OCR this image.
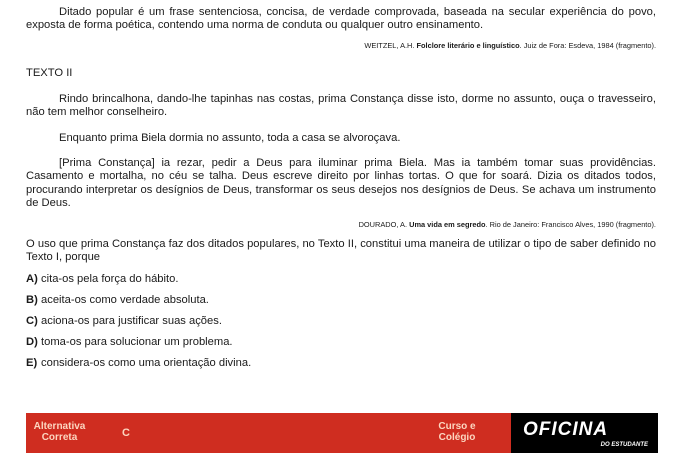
Ditado popular é um frase sentenciosa, concisa, de verdade comprovada, baseada na secular experiência do povo, exposta de forma poética, contendo uma norma de conduta ou qualquer outro ensinamento.

WEITZEL, A.H. Folclore literário e linguístico. Juiz de Fora: Esdeva, 1984 (fragmento).

TEXTO II

Rindo brincalhona, dando-lhe tapinhas nas costas, prima Constança disse isto, dorme no assunto, ouça o travesseiro, não tem melhor conselheiro.

Enquanto prima Biela dormia no assunto, toda a casa se alvoroçava.

[Prima Constança] ia rezar, pedir a Deus para iluminar prima Biela. Mas ia também tomar suas providências. Casamento e mortalha, no céu se talha. Deus escreve direito por linhas tortas. O que for soará. Dizia os ditados todos, procurando interpretar os desígnios de Deus, transformar os seus desejos nos desígnios de Deus. Se achava um instrumento de Deus.

DOURADO, A. Uma vida em segredo. Rio de Janeiro: Francisco Alves, 1990 (fragmento).

O uso que prima Constança faz dos ditados populares, no Texto II, constitui uma maneira de utilizar o tipo de saber definido no Texto I, porque

A) cita-os pela força do hábito.
B) aceita-os como verdade absoluta.
C) aciona-os para justificar suas ações.
D) toma-os para solucionar um problema.
E) considera-os como uma orientação divina.
Alternativa
Correta	C
Curso e
Colégio	OFICINA
DO ESTUDANTE
